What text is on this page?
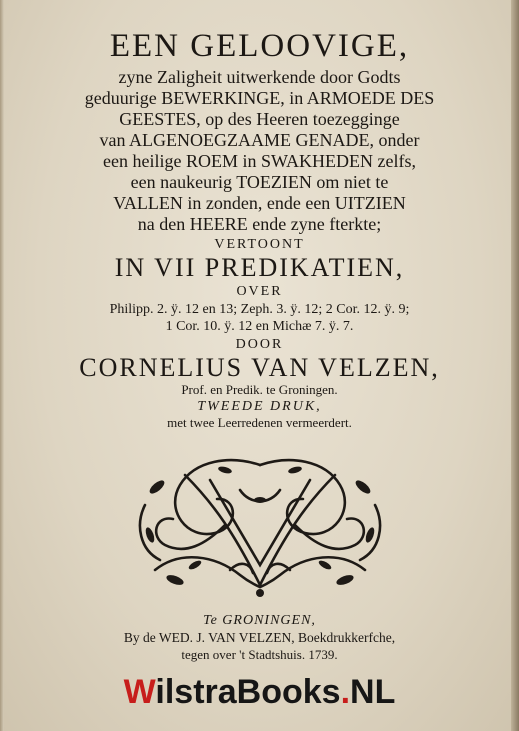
EEN GELOOVIGE,
zyne Zaligheit uitwerkende door Godts
geduurige BEWERKINGE, in ARMOEDE DES
GEESTES, op des Heeren toezegginge
van ALGENOEGZAAME GENADE, onder
een heilige ROEM in SWAKHEDEN zelfs,
een naukeurig TOEZIEN om niet te
VALLEN in zonden, ende een UITZIEN
na den HEERE ende zyne fterkte;
VERTOONT
IN VII PREDIKATIEN,
OVER
Philipp. 2. ÿ. 12 en 13; Zeph. 3. ÿ. 12; 2 Cor. 12. ÿ. 9;
1 Cor. 10. ÿ. 12 en Michæ 7. ÿ. 7.
DOOR
CORNELIUS VAN VELZEN,
Prof. en Predik. te Groningen.
TWEEDE DRUK,
met twee Leerredenen vermeerdert.
Te GRONINGEN,
By de WED. J. VAN VELZEN, Boekdrukkerfche,
tegen over 't Stadtshuis. 1739.
WilstraBooks.NL
